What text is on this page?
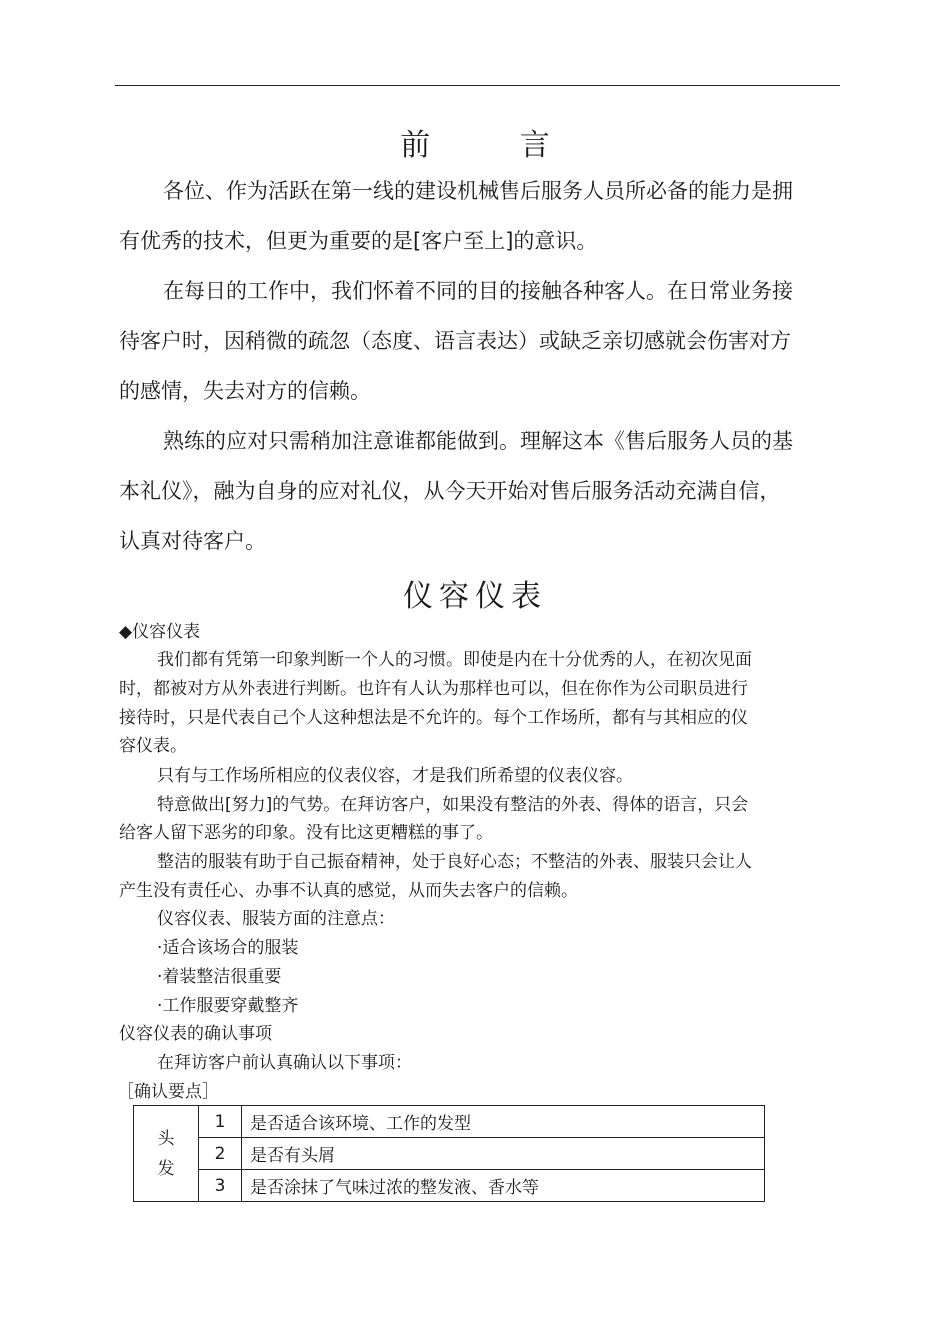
前 言
各位、作为活跃在第一线的建设机械售后服务人员所必备的能力是拥
有优秀的技术，但更为重要的是[客户至上]的意识。
在每日的工作中，我们怀着不同的目的接触各种客人。在日常业务接
待客户时，因稍微的疏忽（态度、语言表达）或缺乏亲切感就会伤害对方
的感情，失去对方的信赖。
熟练的应对只需稍加注意谁都能做到。理解这本《售后服务人员的基
本礼仪》，融为自身的应对礼仪，从今天开始对售后服务活动充满自信，
认真对待客户。
仪容仪表
◆仪容仪表
我们都有凭第一印象判断一个人的习惯。即使是内在十分优秀的人，在初次见面
时，都被对方从外表进行判断。也许有人认为那样也可以，但在你作为公司职员进行
接待时，只是代表自己个人这种想法是不允许的。每个工作场所，都有与其相应的仪
容仪表。
只有与工作场所相应的仪表仪容，才是我们所希望的仪表仪容。
特意做出[努力]的气势。在拜访客户，如果没有整洁的外表、得体的语言，只会
给客人留下恶劣的印象。没有比这更糟糕的事了。
整洁的服装有助于自己振奋精神，处于良好心态；不整洁的外表、服装只会让人
产生没有责任心、办事不认真的感觉，从而失去客户的信赖。
仪容仪表、服装方面的注意点：
·适合该场合的服装
·着装整洁很重要
·工作服要穿戴整齐
仪容仪表的确认事项
在拜访客户前认真确认以下事项：
［确认要点］
头
发	1	是否适合该环境、工作的发型
	2	是否有头屑
	3	是否涂抹了气味过浓的整发液、香水等
